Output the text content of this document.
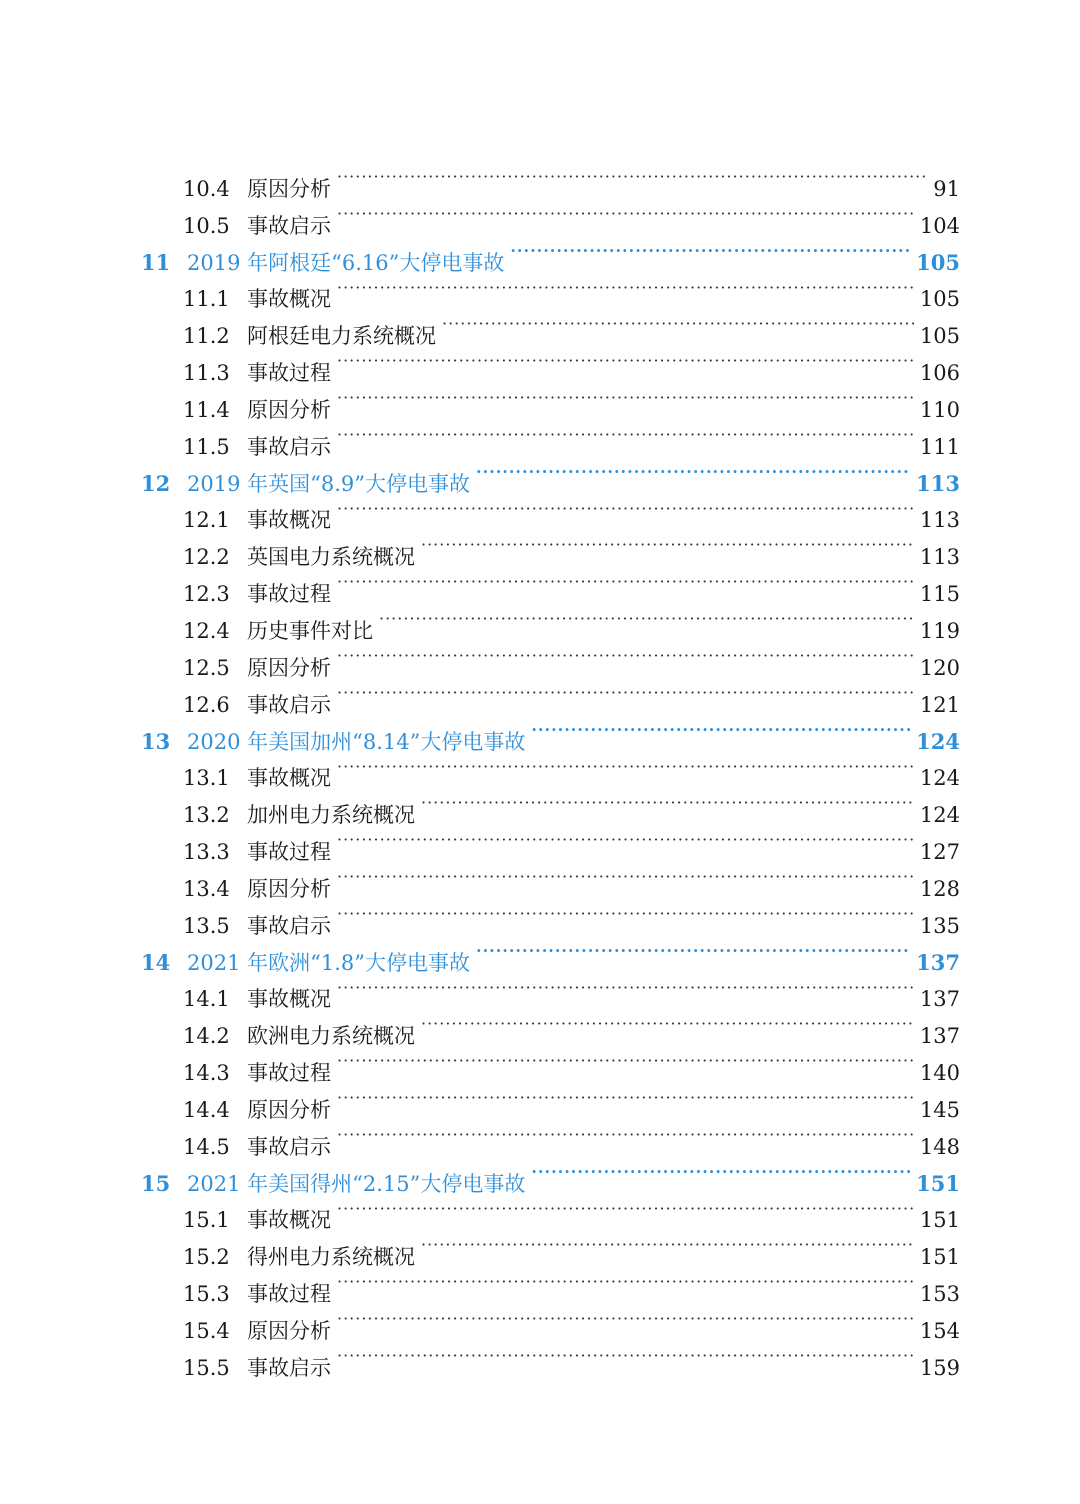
10.4 原因分析 ·····	91
10.5 事故启示 ·····	104
11 2019 年阿根廷“6.16”大停电事故 ·····	105
11.1 事故概况 ·····	105
11.2 阿根廷电力系统概况 ·····	105
11.3 事故过程 ·····	106
11.4 原因分析 ·····	110
11.5 事故启示 ·····	111
12 2019 年英国“8.9”大停电事故 ·····	113
12.1 事故概况 ·····	113
12.2 英国电力系统概况 ·····	113
12.3 事故过程 ·····	115
12.4 历史事件对比 ·····	119
12.5 原因分析 ·····	120
12.6 事故启示 ·····	121
13 2020 年美国加州“8.14”大停电事故 ·····	124
13.1 事故概况 ·····	124
13.2 加州电力系统概况 ·····	124
13.3 事故过程 ·····	127
13.4 原因分析 ·····	128
13.5 事故启示 ·····	135
14 2021 年欧洲“1.8”大停电事故 ·····	137
14.1 事故概况 ·····	137
14.2 欧洲电力系统概况 ·····	137
14.3 事故过程 ·····	140
14.4 原因分析 ·····	145
14.5 事故启示 ·····	148
15 2021 年美国得州“2.15”大停电事故 ·····	151
15.1 事故概况 ·····	151
15.2 得州电力系统概况 ·····	151
15.3 事故过程 ·····	153
15.4 原因分析 ·····	154
15.5 事故启示 ·····	159
